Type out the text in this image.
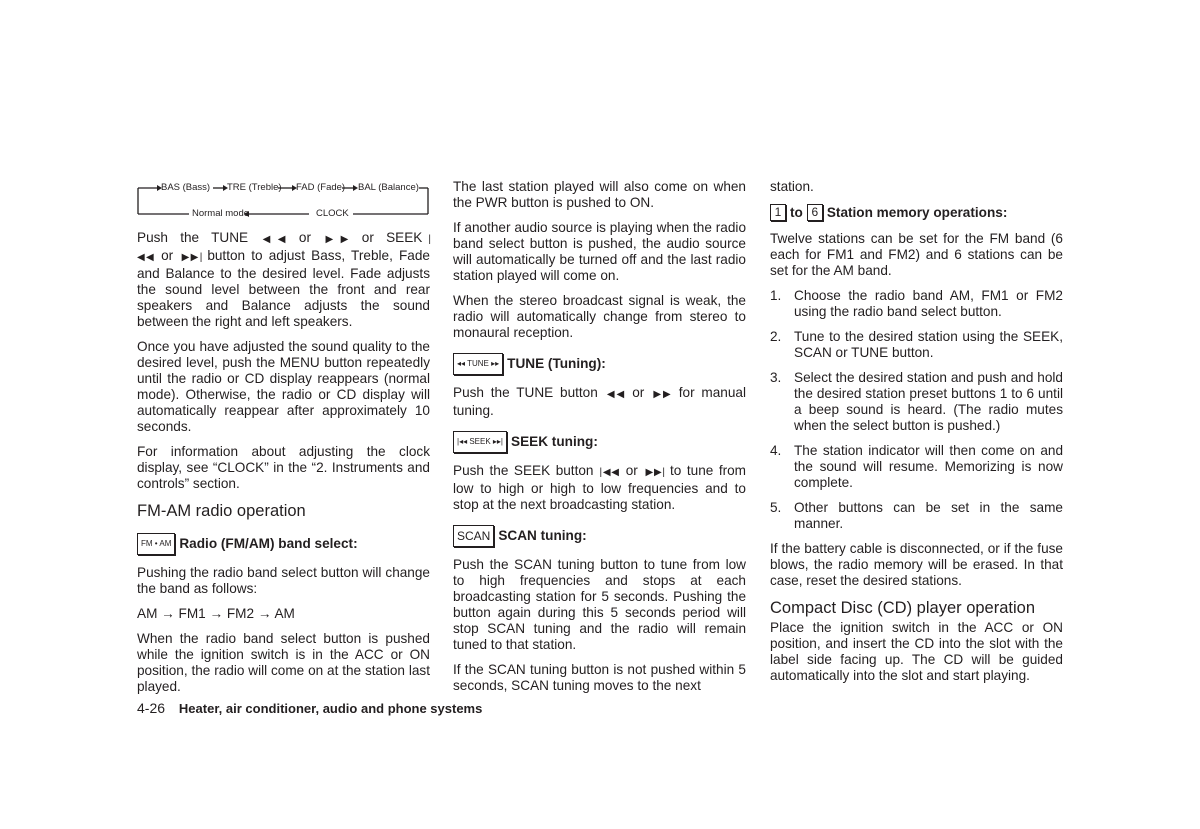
BAS (Bass) TRE (Treble) FAD (Fade) BAL (Balance)
Normal mode	CLOCK

Push the TUNE ◀◀ or ▶▶ or SEEK |◀◀ or ▶▶| button to adjust Bass, Treble, Fade and Balance to the desired level. Fade adjusts the sound level between the front and rear speakers and Balance adjusts the sound between the right and left speakers.

Once you have adjusted the sound quality to the desired level, push the MENU button repeatedly until the radio or CD display reappears (normal mode). Otherwise, the radio or CD display will automatically reappear after approximately 10 seconds.

For information about adjusting the clock display, see “CLOCK” in the “2. Instruments and controls” section.

FM-AM radio operation
FM • AM Radio (FM/AM) band select:

Pushing the radio band select button will change the band as follows:

AM → FM1 → FM2 → AM

When the radio band select button is pushed while the ignition switch is in the ACC or ON position, the radio will come on at the station last played.

The last station played will also come on when the PWR button is pushed to ON.

If another audio source is playing when the radio band select button is pushed, the audio source will automatically be turned off and the last radio station played will come on.

When the stereo broadcast signal is weak, the radio will automatically change from stereo to monaural reception.

◂◂ TUNE ▸▸ TUNE (Tuning):

Push the TUNE button ◀◀ or ▶▶ for manual tuning.

|◂◂ SEEK ▸▸| SEEK tuning:

Push the SEEK button |◀◀ or ▶▶| to tune from low to high or high to low frequencies and to stop at the next broadcasting station.

SCAN SCAN tuning:

Push the SCAN tuning button to tune from low to high frequencies and stops at each broadcasting station for 5 seconds. Pushing the button again during this 5 seconds period will stop SCAN tuning and the radio will remain tuned to that station.

If the SCAN tuning button is not pushed within 5 seconds, SCAN tuning moves to the next

station.

1 to 6 Station memory operations:

Twelve stations can be set for the FM band (6 each for FM1 and FM2) and 6 stations can be set for the AM band.

1. Choose the radio band AM, FM1 or FM2 using the radio band select button.
2. Tune to the desired station using the SEEK, SCAN or TUNE button.
3. Select the desired station and push and hold the desired station preset buttons 1 to 6 until a beep sound is heard. (The radio mutes when the select button is pushed.)
4. The station indicator will then come on and the sound will resume. Memorizing is now complete.
5. Other buttons can be set in the same manner.

If the battery cable is disconnected, or if the fuse blows, the radio memory will be erased. In that case, reset the desired stations.

Compact Disc (CD) player operation

Place the ignition switch in the ACC or ON position, and insert the CD into the slot with the label side facing up. The CD will be guided automatically into the slot and start playing.

4-26 Heater, air conditioner, audio and phone systems
